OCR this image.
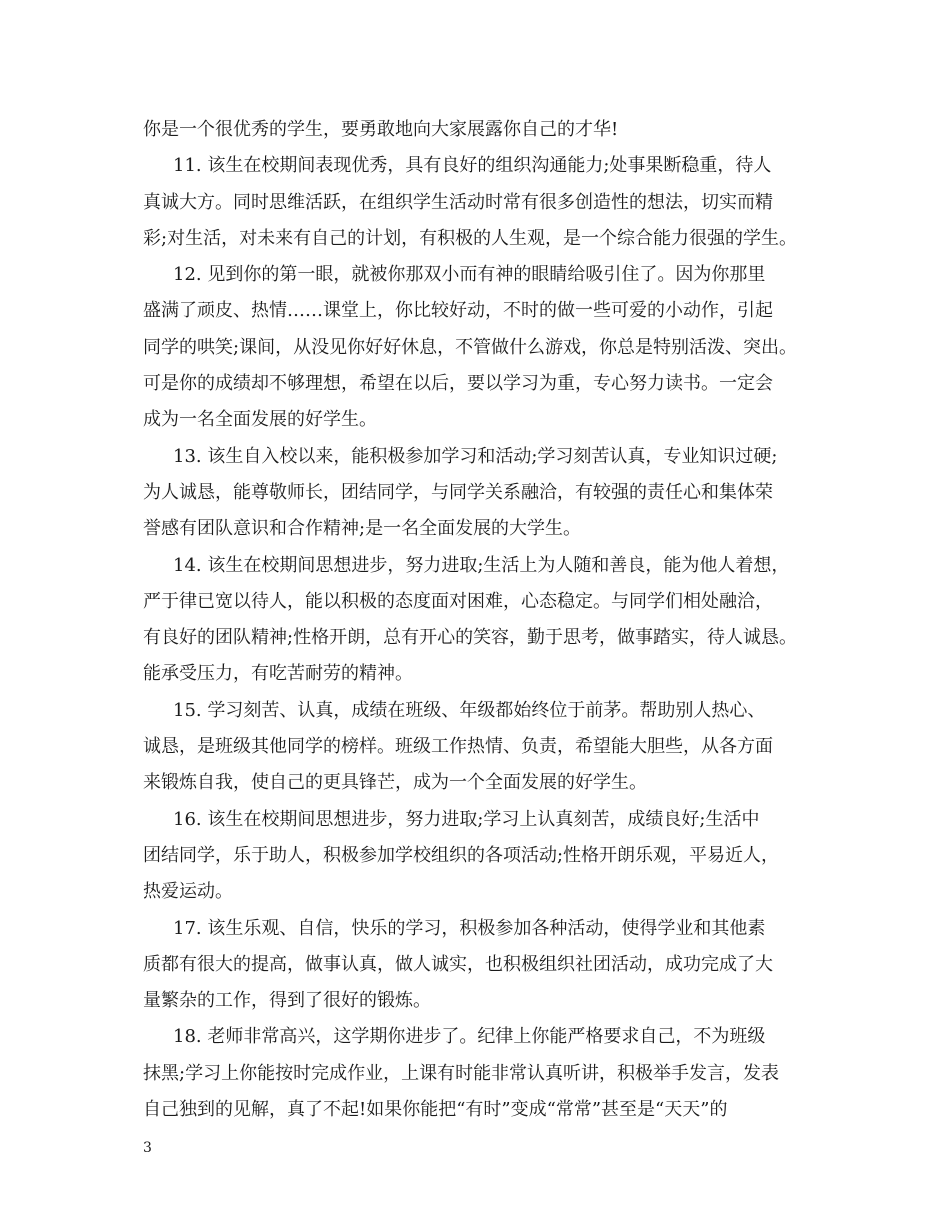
你是一个很优秀的学生，要勇敢地向大家展露你自己的才华!
11. 该生在校期间表现优秀，具有良好的组织沟通能力;处事果断稳重，待人
真诚大方。同时思维活跃，在组织学生活动时常有很多创造性的想法，切实而精
彩;对生活，对未来有自己的计划，有积极的人生观，是一个综合能力很强的学生。
12. 见到你的第一眼，就被你那双小而有神的眼睛给吸引住了。因为你那里
盛满了顽皮、热情……课堂上，你比较好动，不时的做一些可爱的小动作，引起
同学的哄笑;课间，从没见你好好休息，不管做什么游戏，你总是特别活泼、突出。
可是你的成绩却不够理想，希望在以后，要以学习为重，专心努力读书。一定会
成为一名全面发展的好学生。
13. 该生自入校以来，能积极参加学习和活动;学习刻苦认真，专业知识过硬;
为人诚恳，能尊敬师长，团结同学，与同学关系融洽，有较强的责任心和集体荣
誉感有团队意识和合作精神;是一名全面发展的大学生。
14. 该生在校期间思想进步，努力进取;生活上为人随和善良，能为他人着想，
严于律已宽以待人，能以积极的态度面对困难，心态稳定。与同学们相处融洽，
有良好的团队精神;性格开朗，总有开心的笑容，勤于思考，做事踏实，待人诚恳。
能承受压力，有吃苦耐劳的精神。
15. 学习刻苦、认真，成绩在班级、年级都始终位于前茅。帮助别人热心、
诚恳，是班级其他同学的榜样。班级工作热情、负责，希望能大胆些，从各方面
来锻炼自我，使自己的更具锋芒，成为一个全面发展的好学生。
16. 该生在校期间思想进步，努力进取;学习上认真刻苦，成绩良好;生活中
团结同学，乐于助人，积极参加学校组织的各项活动;性格开朗乐观，平易近人，
热爱运动。
17. 该生乐观、自信，快乐的学习，积极参加各种活动，使得学业和其他素
质都有很大的提高，做事认真，做人诚实，也积极组织社团活动，成功完成了大
量繁杂的工作，得到了很好的锻炼。
18. 老师非常高兴，这学期你进步了。纪律上你能严格要求自己，不为班级
抹黑;学习上你能按时完成作业，上课有时能非常认真听讲，积极举手发言，发表
自己独到的见解，真了不起!如果你能把“有时”变成“常常”甚至是“天天”的
3
